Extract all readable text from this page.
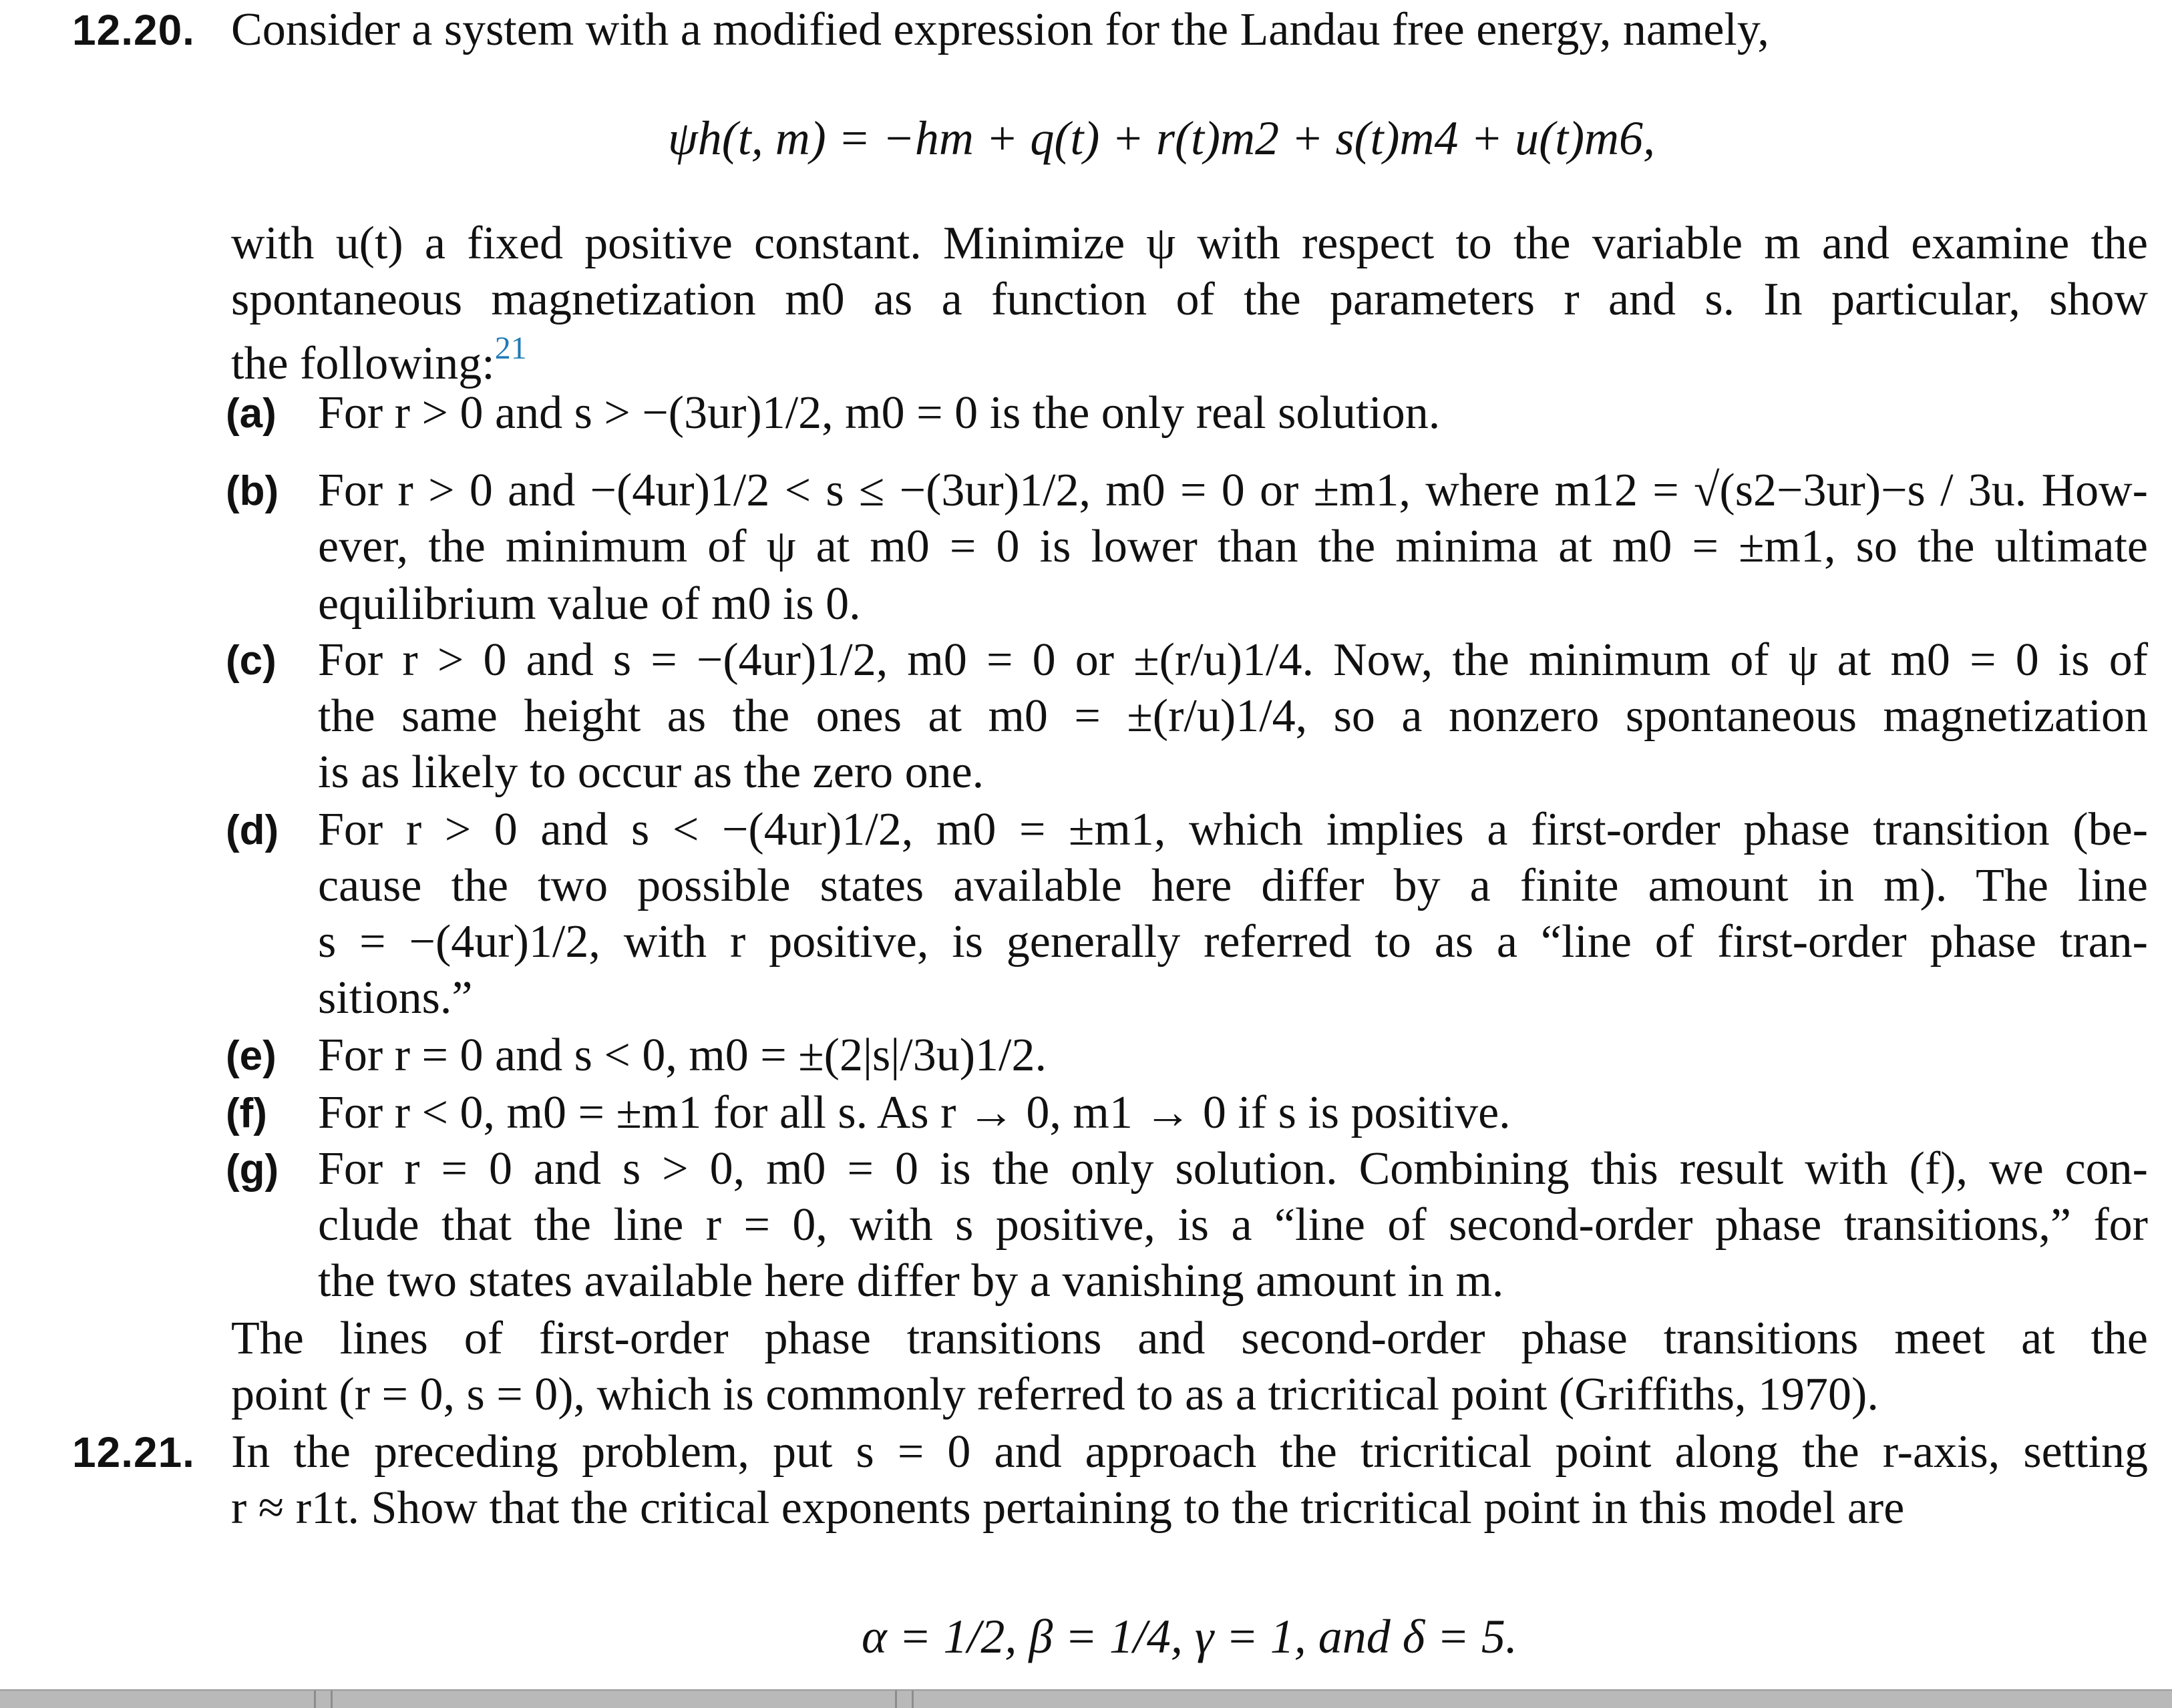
12.20. Consider a system with a modified expression for the Landau free energy, namely,
ψh(t, m) = −hm + q(t) + r(t)m2 + s(t)m4 + u(t)m6,
with u(t) a fixed positive constant. Minimize ψ with respect to the variable m and examine the
spontaneous magnetization m0 as a function of the parameters r and s. In particular, show
the following:$^{21}$
(a) For r > 0 and s > −(3ur)1/2, m0 = 0 is the only real solution.
(b) For r > 0 and −(4ur)1/2 < s ≤ −(3ur)1/2, m0 = 0 or ±m1, where m12 = √(s2−3ur)−s / 3u. How-
ever, the minimum of ψ at m0 = 0 is lower than the minima at m0 = ±m1, so the ultimate
equilibrium value of m0 is 0.
(c) For r > 0 and s = −(4ur)1/2, m0 = 0 or ±(r/u)1/4. Now, the minimum of ψ at m0 = 0 is of
the same height as the ones at m0 = ±(r/u)1/4, so a nonzero spontaneous magnetization
is as likely to occur as the zero one.
(d) For r > 0 and s < −(4ur)1/2, m0 = ±m1, which implies a first-order phase transition (be-
cause the two possible states available here differ by a finite amount in m). The line
s = −(4ur)1/2, with r positive, is generally referred to as a “line of first-order phase tran-
sitions.”
(e) For r = 0 and s < 0, m0 = ±(2|s|/3u)1/2.
(f) For r < 0, m0 = ±m1 for all s. As r → 0, m1 → 0 if s is positive.
(g) For r = 0 and s > 0, m0 = 0 is the only solution. Combining this result with (f), we con-
clude that the line r = 0, with s positive, is a “line of second-order phase transitions,” for
the two states available here differ by a vanishing amount in m.
The lines of first-order phase transitions and second-order phase transitions meet at the
point (r = 0, s = 0), which is commonly referred to as a tricritical point (Griffiths, 1970).
12.21. In the preceding problem, put s = 0 and approach the tricritical point along the r-axis, setting
r ≈ r1t. Show that the critical exponents pertaining to the tricritical point in this model are
α = 1/2, β = 1/4, γ = 1, and δ = 5.
